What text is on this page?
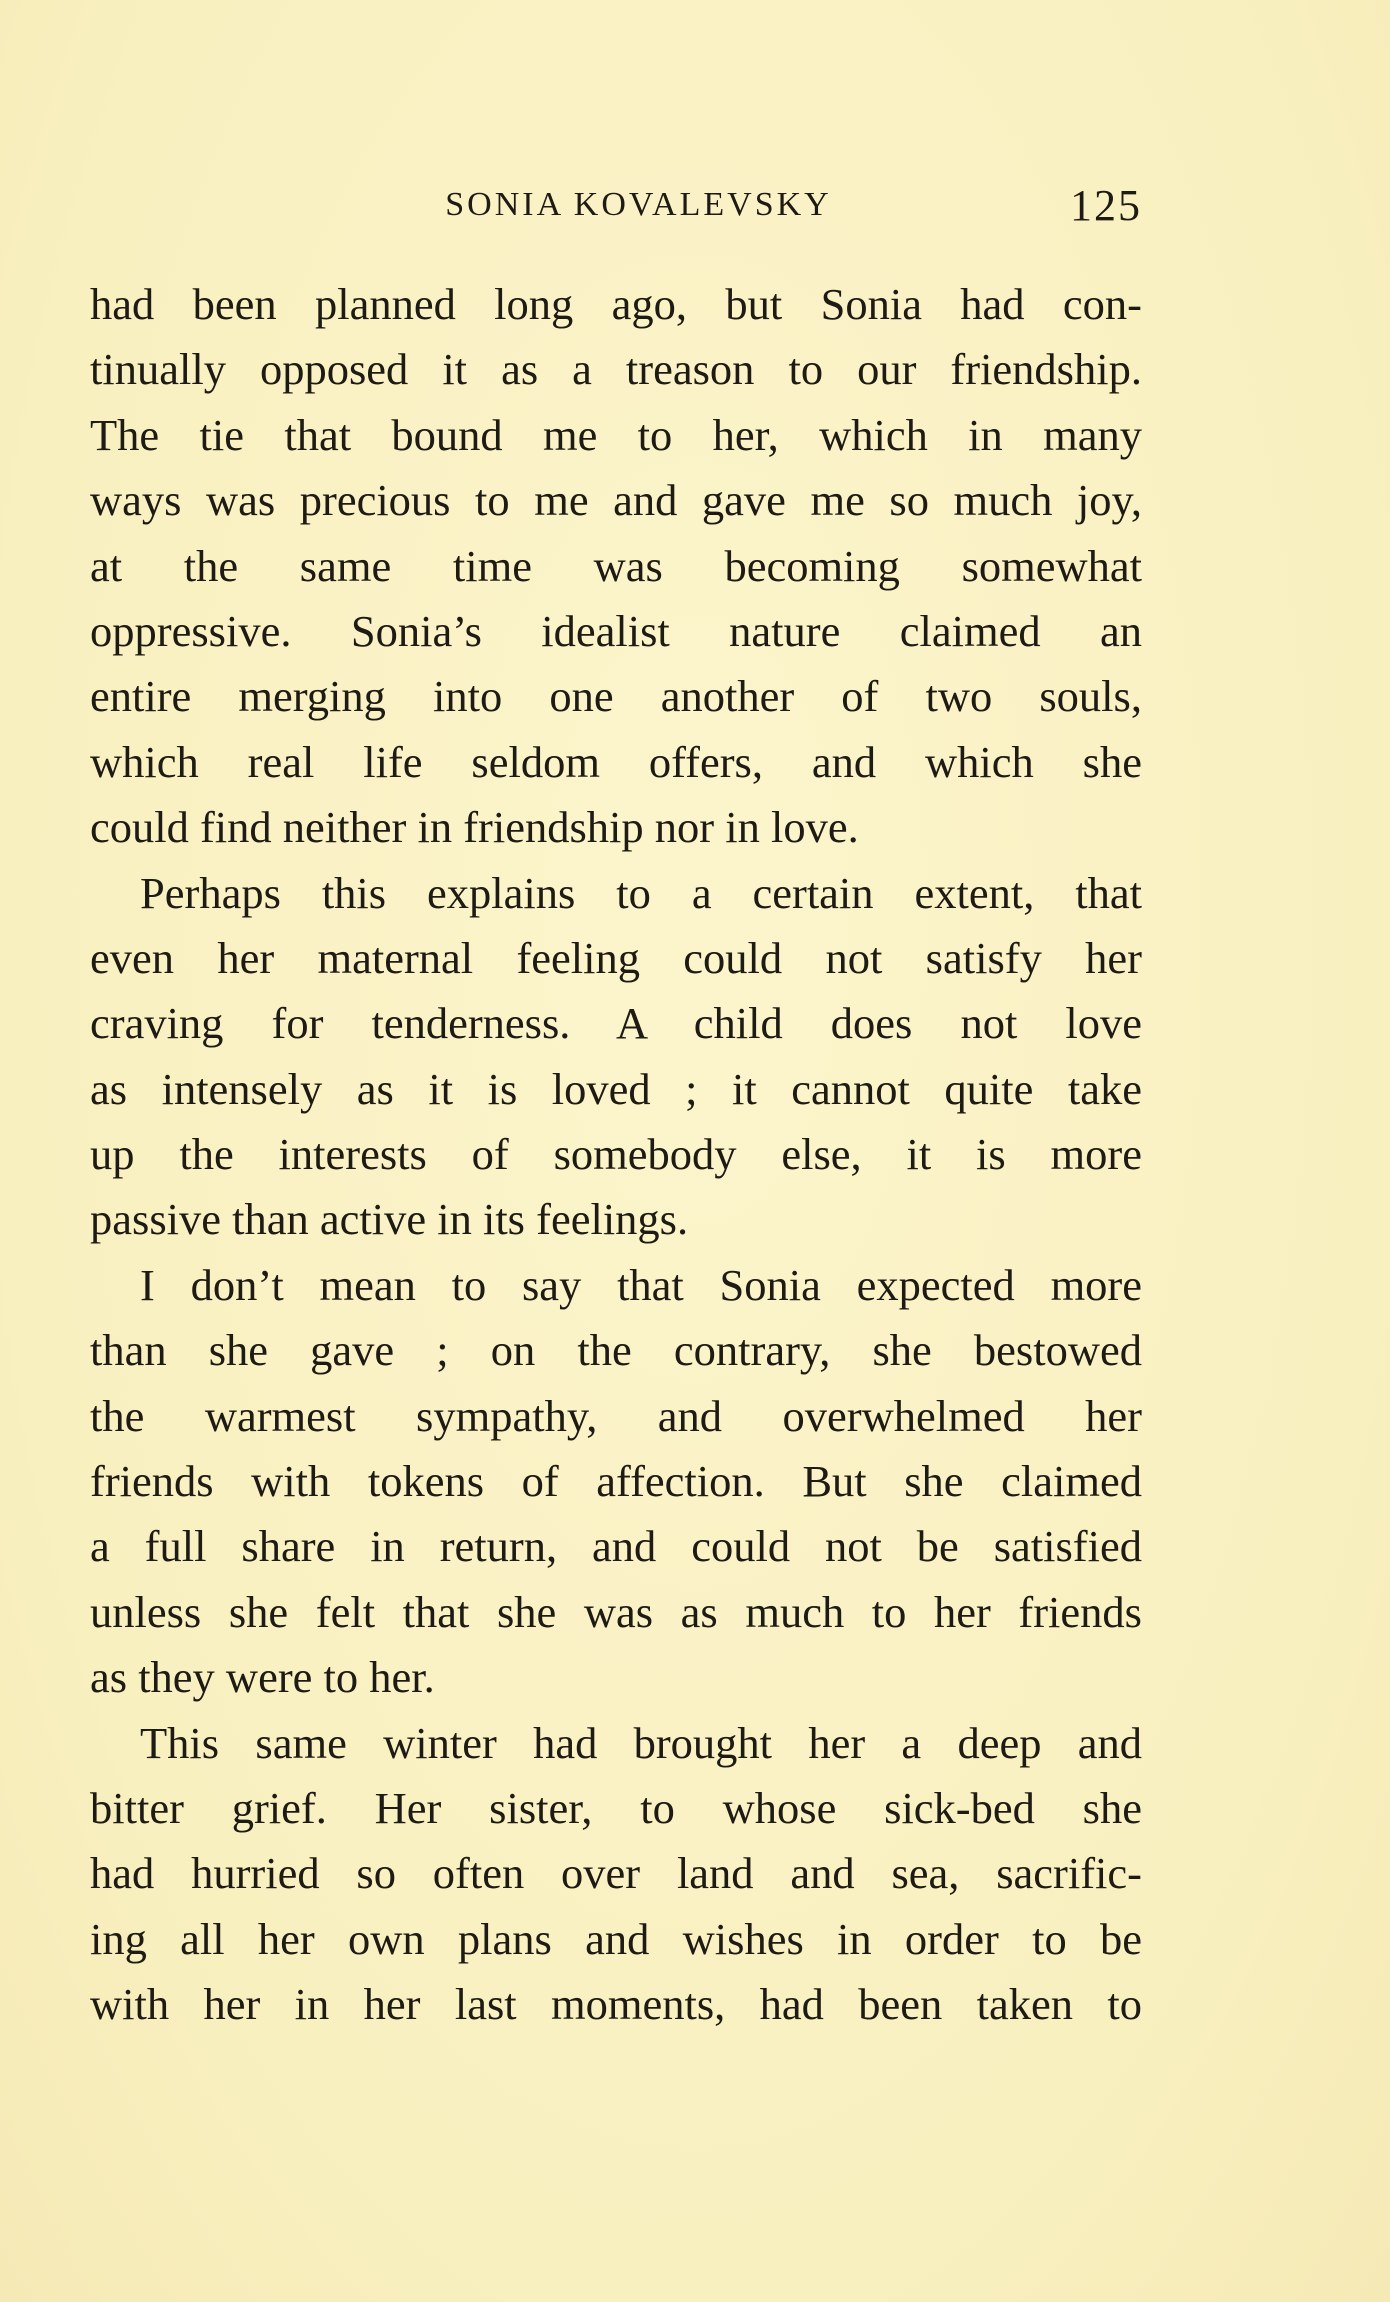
SONIA KOVALEVSKY	125
had been planned long ago, but Sonia had con-
tinually opposed it as a treason to our friendship.
The tie that bound me to her, which in many
ways was precious to me and gave me so much joy,
at the same time was becoming somewhat
oppressive. Sonia’s idealist nature claimed an
entire merging into one another of two souls,
which real life seldom offers, and which she
could find neither in friendship nor in love.
Perhaps this explains to a certain extent, that
even her maternal feeling could not satisfy her
craving for tenderness. A child does not love
as intensely as it is loved ; it cannot quite take
up the interests of somebody else, it is more
passive than active in its feelings.
I don’t mean to say that Sonia expected more
than she gave ; on the contrary, she bestowed
the warmest sympathy, and overwhelmed her
friends with tokens of affection. But she claimed
a full share in return, and could not be satisfied
unless she felt that she was as much to her friends
as they were to her.
This same winter had brought her a deep and
bitter grief. Her sister, to whose sick-bed she
had hurried so often over land and sea, sacrific-
ing all her own plans and wishes in order to be
with her in her last moments, had been taken to
